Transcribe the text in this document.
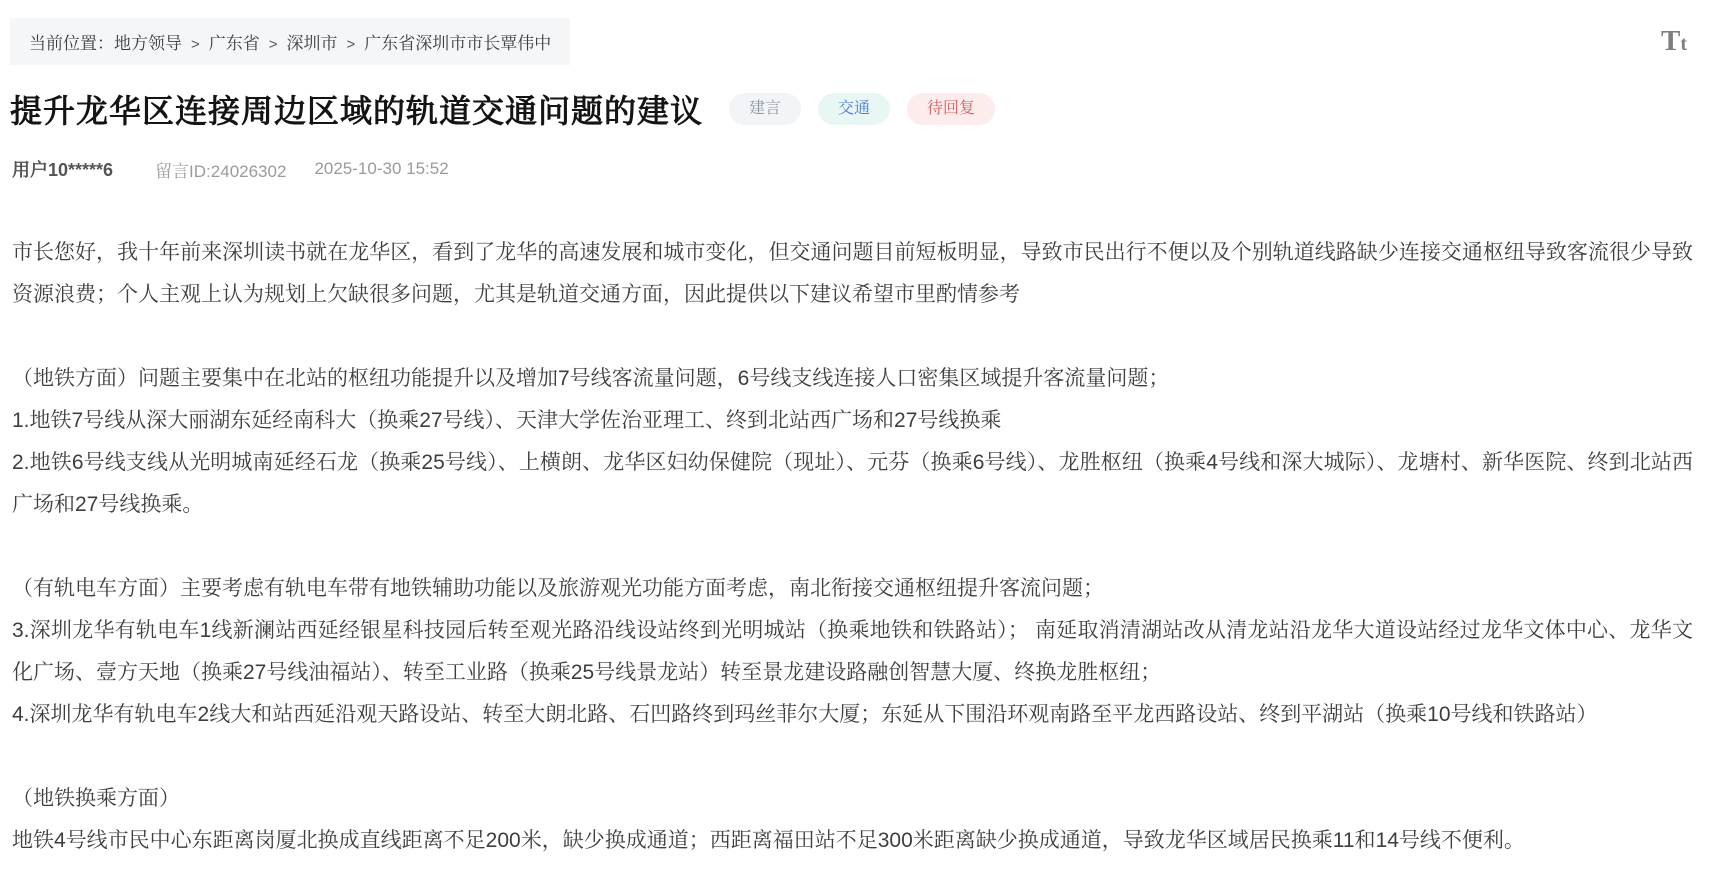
当前位置： 地方领导 > 广东省 > 深圳市 > 广东省深圳市市长覃伟中	Tt
提升龙华区连接周边区域的轨道交通问题的建议	建言	交通	待回复
用户10*****6 留言ID:24026302 2025-10-30 15:52
市长您好，我十年前来深圳读书就在龙华区，看到了龙华的高速发展和城市变化，但交通问题目前短板明显，导致市民出行不便以及个别轨道线路缺少连接交通枢纽导致客流很少导致资源浪费；个人主观上认为规划上欠缺很多问题，尤其是轨道交通方面，因此提供以下建议希望市里酌情参考
（地铁方面）问题主要集中在北站的枢纽功能提升以及增加7号线客流量问题，6号线支线连接人口密集区域提升客流量问题；
1.地铁7号线从深大丽湖东延经南科大（换乘27号线）、天津大学佐治亚理工、终到北站西广场和27号线换乘
2.地铁6号线支线从光明城南延经石龙（换乘25号线）、上横朗、龙华区妇幼保健院（现址）、元芬（换乘6号线）、龙胜枢纽（换乘4号线和深大城际）、龙塘村、新华医院、终到北站西广场和27号线换乘。
（有轨电车方面）主要考虑有轨电车带有地铁辅助功能以及旅游观光功能方面考虑，南北衔接交通枢纽提升客流问题；
3.深圳龙华有轨电车1线新澜站西延经银星科技园后转至观光路沿线设站终到光明城站（换乘地铁和铁路站）； 南延取消清湖站改从清龙站沿龙华大道设站经过龙华文体中心、龙华文化广场、壹方天地（换乘27号线油福站）、转至工业路（换乘25号线景龙站）转至景龙建设路融创智慧大厦、终换龙胜枢纽；
4.深圳龙华有轨电车2线大和站西延沿观天路设站、转至大朗北路、石凹路终到玛丝菲尔大厦；东延从下围沿环观南路至平龙西路设站、终到平湖站（换乘10号线和铁路站）
（地铁换乘方面）
地铁4号线市民中心东距离岗厦北换成直线距离不足200米，缺少换成通道；西距离福田站不足300米距离缺少换成通道，导致龙华区域居民换乘11和14号线不便利。
